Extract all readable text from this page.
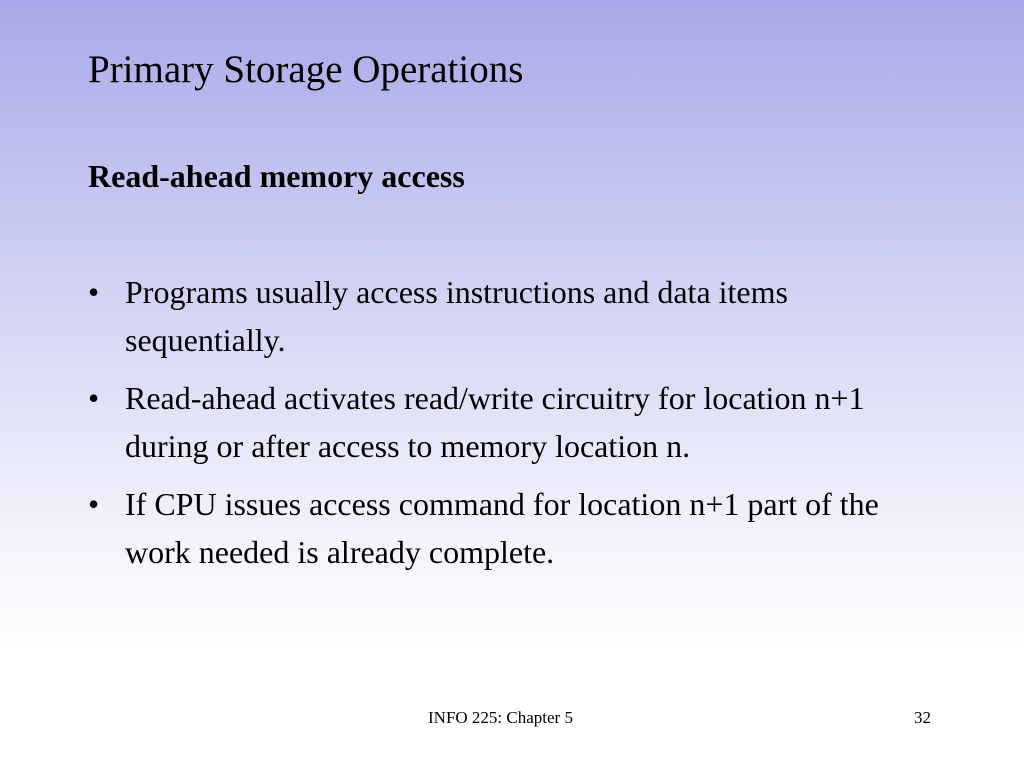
Primary Storage Operations
Read-ahead memory access
• Programs usually access instructions and data items sequentially.
• Read-ahead activates read/write circuitry for location n+1 during or after access to memory location n.
• If CPU issues access command for location n+1 part of the work needed is already complete.
INFO 225: Chapter 5	32
